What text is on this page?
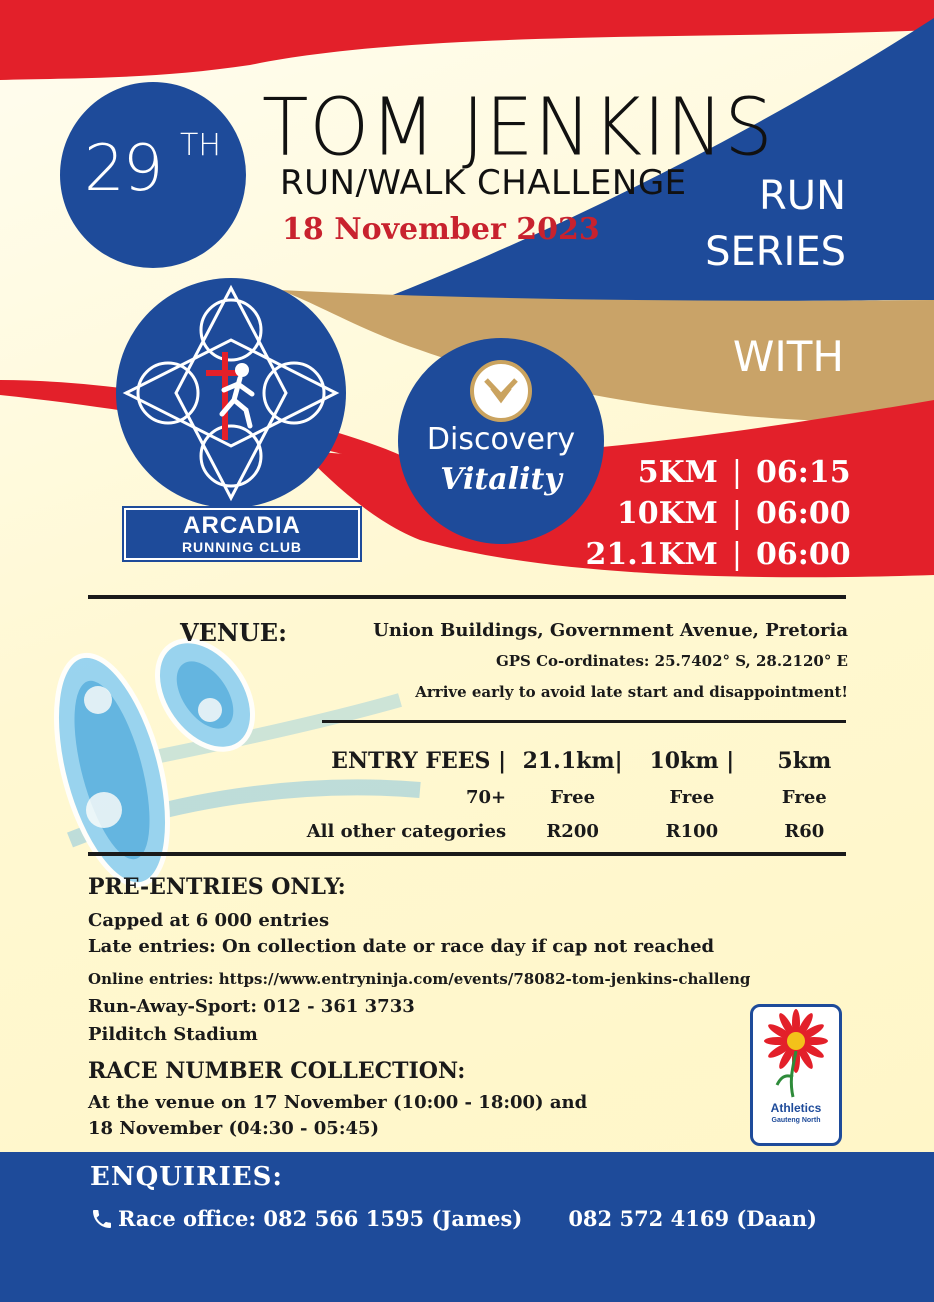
29 TH TOM JENKINS
RUN/WALK CHALLENGE
18 November 2023
RUN
SERIES
WITH
ARCADIA
RUNNING CLUB
Discovery
Vitality	5KM | 06:15
10KM | 06:00
21.1KM | 06:00
VENUE:	Union Buildings, Government Avenue, Pretoria
GPS Co-ordinates: 25.7402° S, 28.2120° E
Arrive early to avoid late start and disappointment!
ENTRY FEES |	21.1km|	10km |	5km
70+	Free	Free	Free
All other categories	R200	R100	R60
PRE-ENTRIES ONLY:
Capped at 6 000 entries
Late entries: On collection date or race day if cap not reached
Online entries: https://www.entryninja.com/events/78082-tom-jenkins-challeng
Run-Away-Sport: 012 - 361 3733
Pilditch Stadium
RACE NUMBER COLLECTION:
At the venue on 17 November (10:00 - 18:00) and
18 November (04:30 - 05:45)
Athletics
Gauteng North
ENQUIRIES:
Race office: 082 566 1595 (James) 082 572 4169 (Daan)
